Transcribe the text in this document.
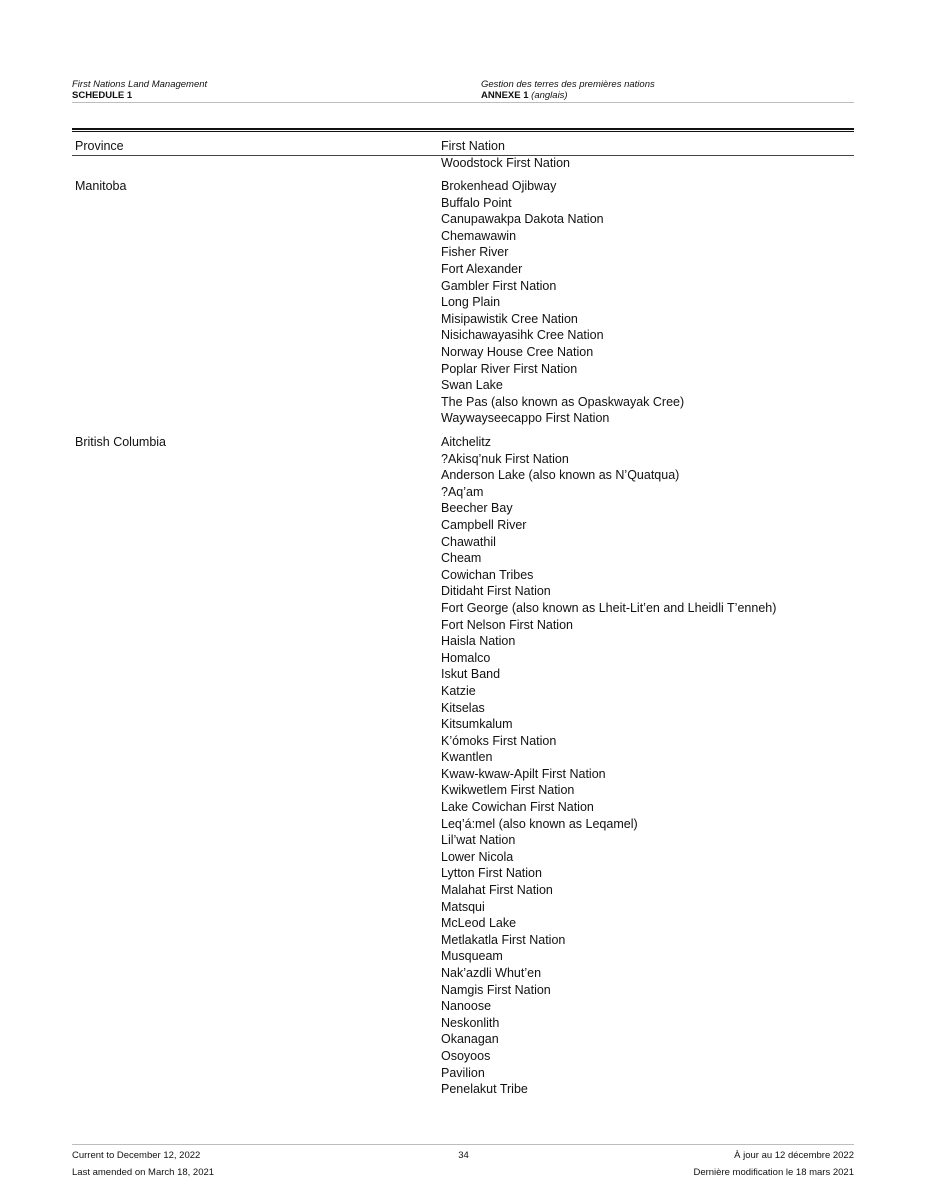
First Nations Land Management
SCHEDULE 1
Gestion des terres des premières nations
ANNEXE 1 (anglais)
Province	First Nation
Woodstock First Nation
Manitoba	Brokenhead Ojibway
Buffalo Point
Canupawakpa Dakota Nation
Chemawawin
Fisher River
Fort Alexander
Gambler First Nation
Long Plain
Misipawistik Cree Nation
Nisichawayasihk Cree Nation
Norway House Cree Nation
Poplar River First Nation
Swan Lake
The Pas (also known as Opaskwayak Cree)
Waywayseecappo First Nation
British Columbia	Aitchelitz
?Akisq’nuk First Nation
Anderson Lake (also known as N’Quatqua)
?Aq’am
Beecher Bay
Campbell River
Chawathil
Cheam
Cowichan Tribes
Ditidaht First Nation
Fort George (also known as Lheit-Lit’en and Lheidli T’enneh)
Fort Nelson First Nation
Haisla Nation
Homalco
Iskut Band
Katzie
Kitselas
Kitsumkalum
K’ómoks First Nation
Kwantlen
Kwaw-kwaw-Apilt First Nation
Kwikwetlem First Nation
Lake Cowichan First Nation
Leq’á:mel (also known as Leqamel)
Lil’wat Nation
Lower Nicola
Lytton First Nation
Malahat First Nation
Matsqui
McLeod Lake
Metlakatla First Nation
Musqueam
Nak’azdli Whut’en
Namgis First Nation
Nanoose
Neskonlith
Okanagan
Osoyoos
Pavilion
Penelakut Tribe
Current to December 12, 2022
Last amended on March 18, 2021
34	À jour au 12 décembre 2022
Dernière modification le 18 mars 2021
